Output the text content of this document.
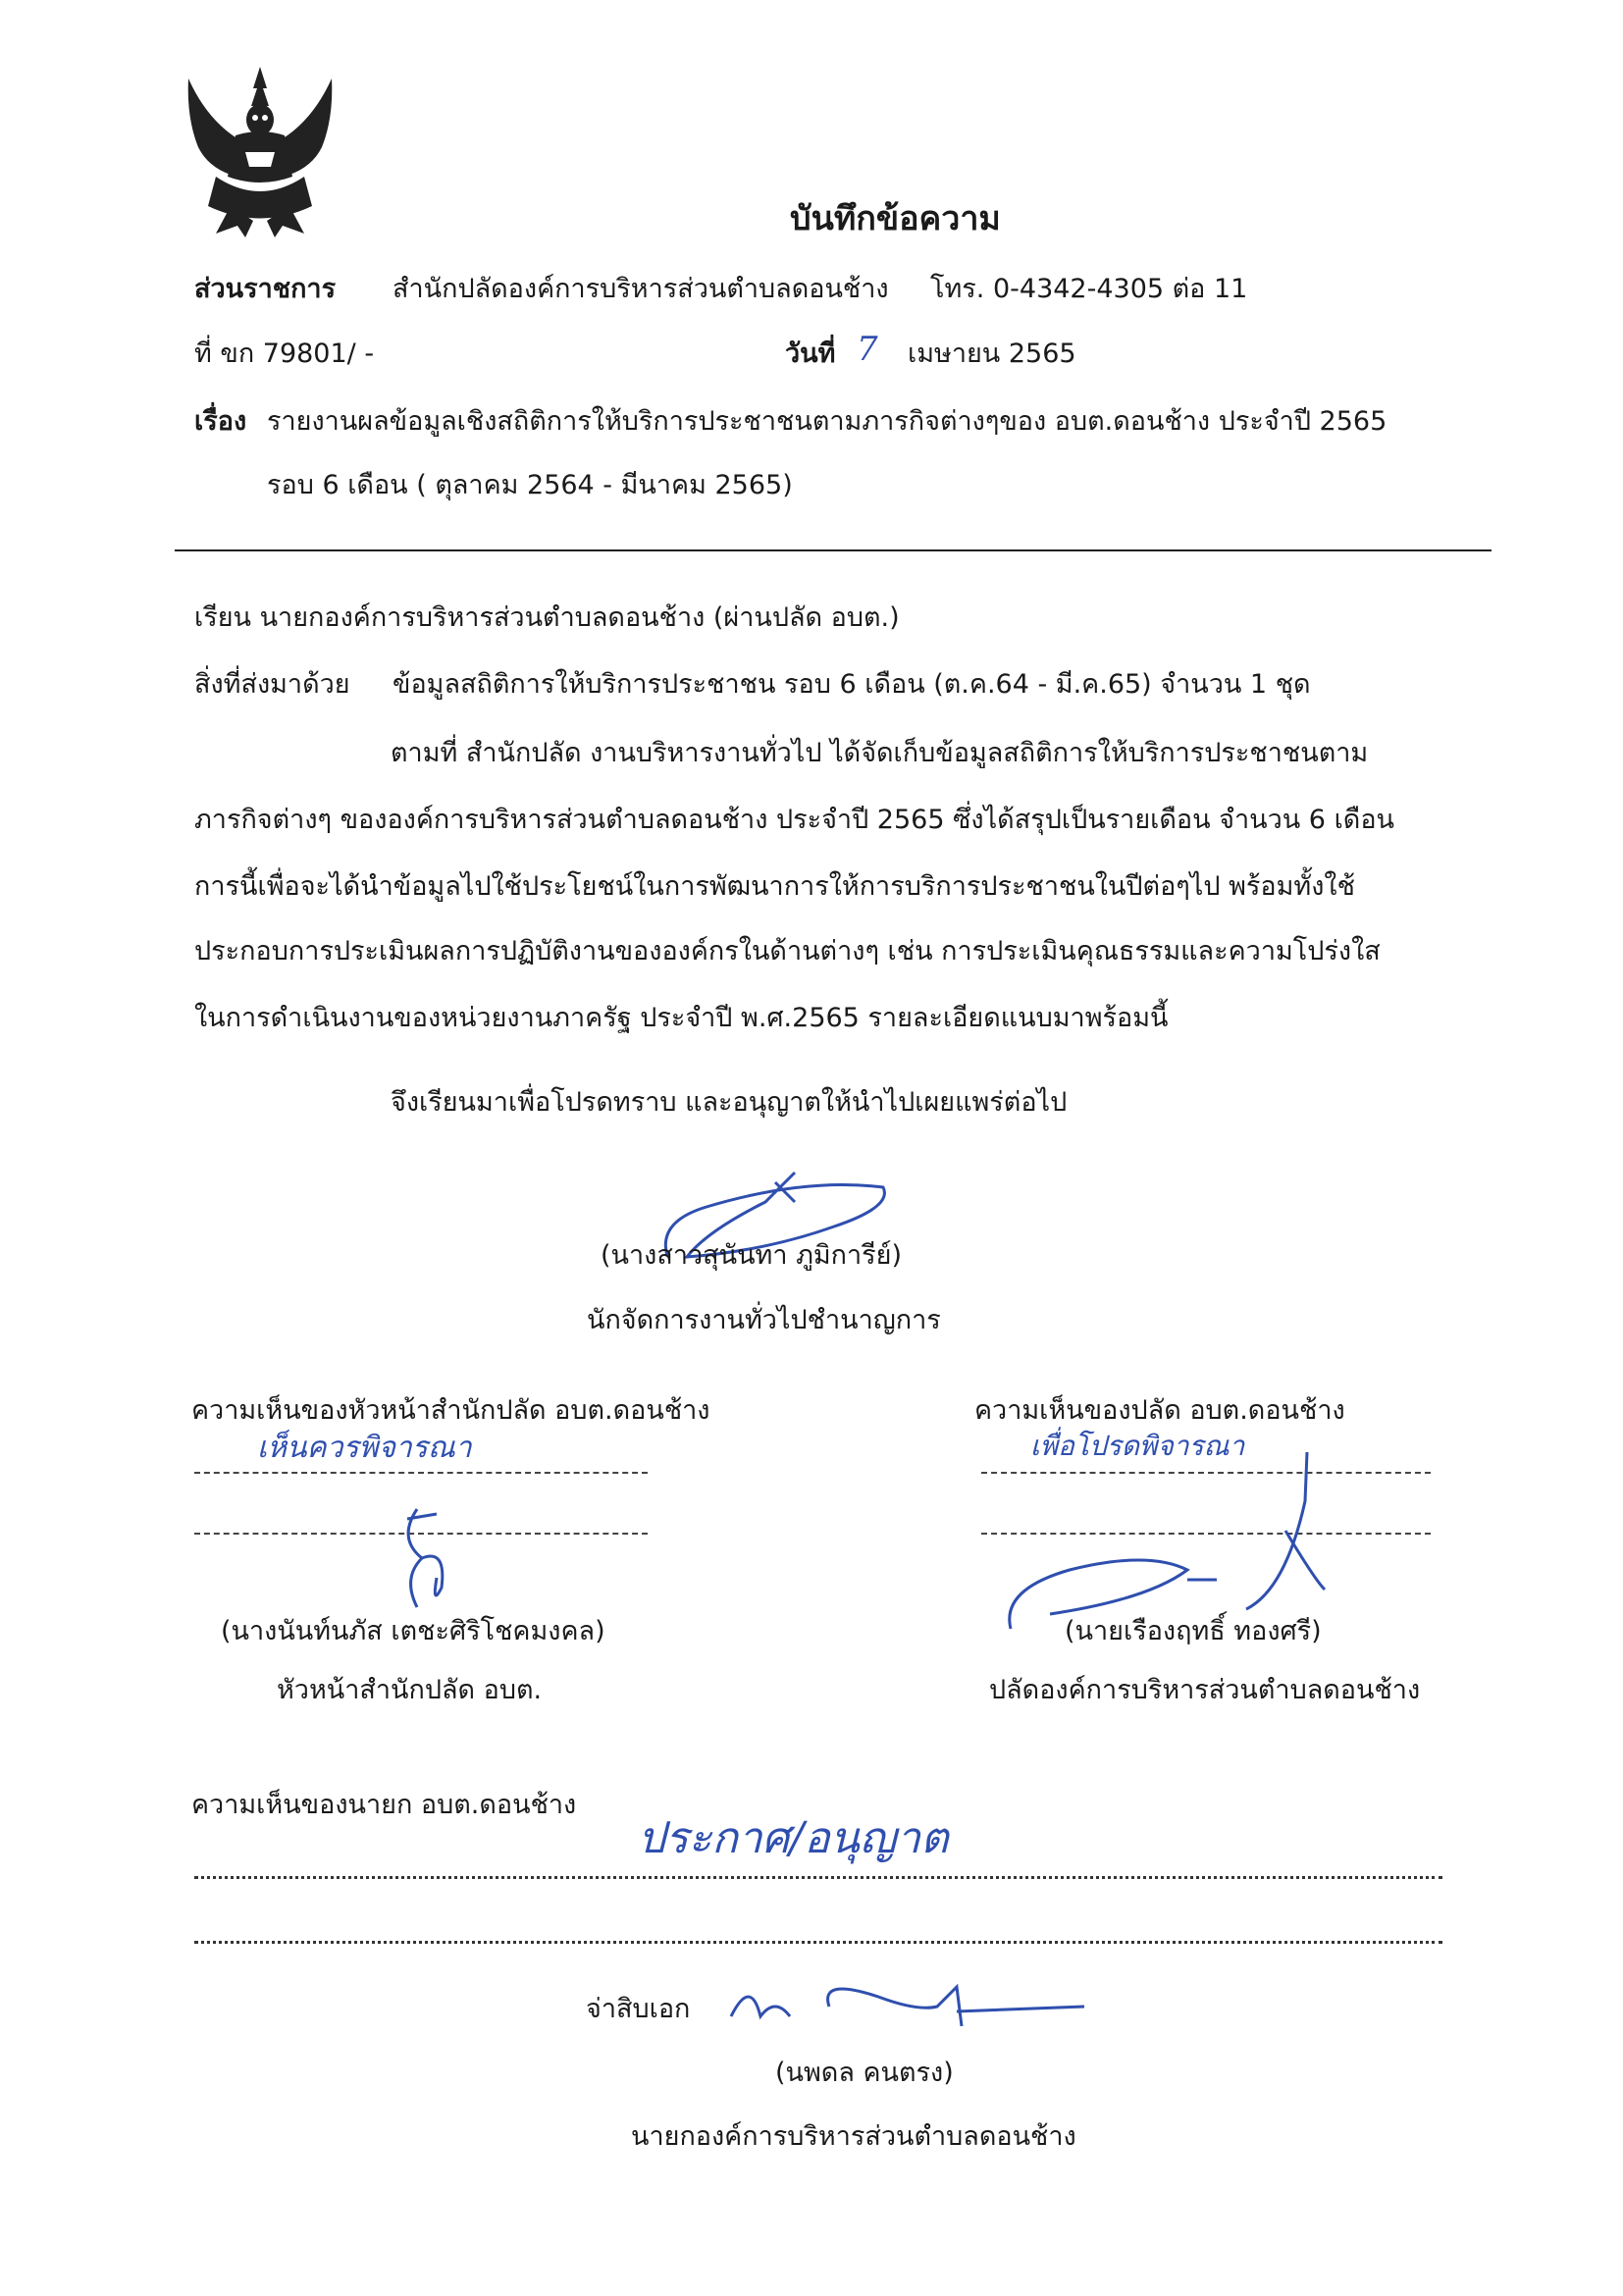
บันทึกข้อความ
ส่วนราชการ สำนักปลัดองค์การบริหารส่วนตำบลดอนช้าง โทร. 0-4342-4305 ต่อ 11
ที่ ขก 79801/ -	วันที่ 7 เมษายน 2565
เรื่อง รายงานผลข้อมูลเชิงสถิติการให้บริการประชาชนตามภารกิจต่างๆของ อบต.ดอนช้าง ประจำปี 2565
รอบ 6 เดือน ( ตุลาคม 2564 - มีนาคม 2565)
เรียน นายกองค์การบริหารส่วนตำบลดอนช้าง (ผ่านปลัด อบต.)
สิ่งที่ส่งมาด้วย ข้อมูลสถิติการให้บริการประชาชน รอบ 6 เดือน (ต.ค.64 - มี.ค.65) จำนวน 1 ชุด
ตามที่ สำนักปลัด งานบริหารงานทั่วไป ได้จัดเก็บข้อมูลสถิติการให้บริการประชาชนตาม
ภารกิจต่างๆ ขององค์การบริหารส่วนตำบลดอนช้าง ประจำปี 2565 ซึ่งได้สรุปเป็นรายเดือน จำนวน 6 เดือน
การนี้เพื่อจะได้นำข้อมูลไปใช้ประโยชน์ในการพัฒนาการให้การบริการประชาชนในปีต่อๆไป พร้อมทั้งใช้
ประกอบการประเมินผลการปฏิบัติงานขององค์กรในด้านต่างๆ เช่น การประเมินคุณธรรมและความโปร่งใส
ในการดำเนินงานของหน่วยงานภาครัฐ ประจำปี พ.ศ.2565 รายละเอียดแนบมาพร้อมนี้
จึงเรียนมาเพื่อโปรดทราบ และอนุญาตให้นำไปเผยแพร่ต่อไป
(นางสาวสุนันทา ภูมิการีย์)
นักจัดการงานทั่วไปชำนาญการ
ความเห็นของหัวหน้าสำนักปลัด อบต.ดอนช้าง
เห็นควรพิจารณา
(นางนันท์นภัส เตชะศิริโชคมงคล)
หัวหน้าสำนักปลัด อบต.
ความเห็นของปลัด อบต.ดอนช้าง
เพื่อโปรดพิจารณา
(นายเรืองฤทธิ์ ทองศรี)
ปลัดองค์การบริหารส่วนตำบลดอนช้าง
ความเห็นของนายก อบต.ดอนช้าง
ประกาศ/อนุญาต
จ่าสิบเอก
(นพดล คนตรง)
นายกองค์การบริหารส่วนตำบลดอนช้าง
